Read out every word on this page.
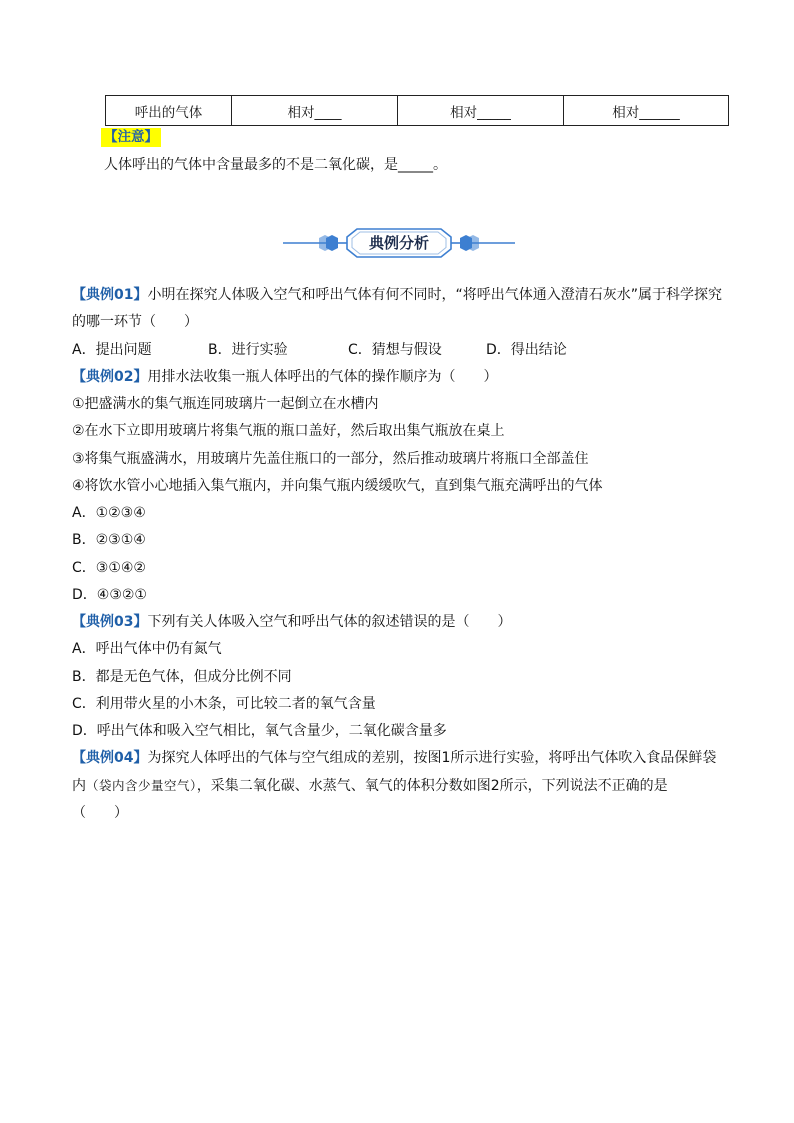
呼出的气体	相对____	相对_____	相对______
【注意】
人体呼出的气体中含量最多的不是二氧化碳，是_____。
典例分析
【典例01】小明在探究人体吸入空气和呼出气体有何不同时，“将呼出气体通入澄清石灰水”属于科学探究
的哪一环节（　　）
A．提出问题	B．进行实验	C．猜想与假设	D．得出结论
【典例02】用排水法收集一瓶人体呼出的气体的操作顺序为（　　）
①把盛满水的集气瓶连同玻璃片一起倒立在水槽内
②在水下立即用玻璃片将集气瓶的瓶口盖好，然后取出集气瓶放在桌上
③将集气瓶盛满水，用玻璃片先盖住瓶口的一部分，然后推动玻璃片将瓶口全部盖住
④将饮水管小心地插入集气瓶内，并向集气瓶内缓缓吹气，直到集气瓶充满呼出的气体
A．①②③④
B．②③①④
C．③①④②
D．④③②①
【典例03】下列有关人体吸入空气和呼出气体的叙述错误的是（　　）
A．呼出气体中仍有氮气
B．都是无色气体，但成分比例不同
C．利用带火星的小木条，可比较二者的氧气含量
D．呼出气体和吸入空气相比，氧气含量少，二氧化碳含量多
【典例04】为探究人体呼出的气体与空气组成的差别，按图1所示进行实验，将呼出气体吹入食品保鲜袋
内（袋内含少量空气），采集二氧化碳、水蒸气、氧气的体积分数如图2所示，下列说法不正确的是
（　　）
